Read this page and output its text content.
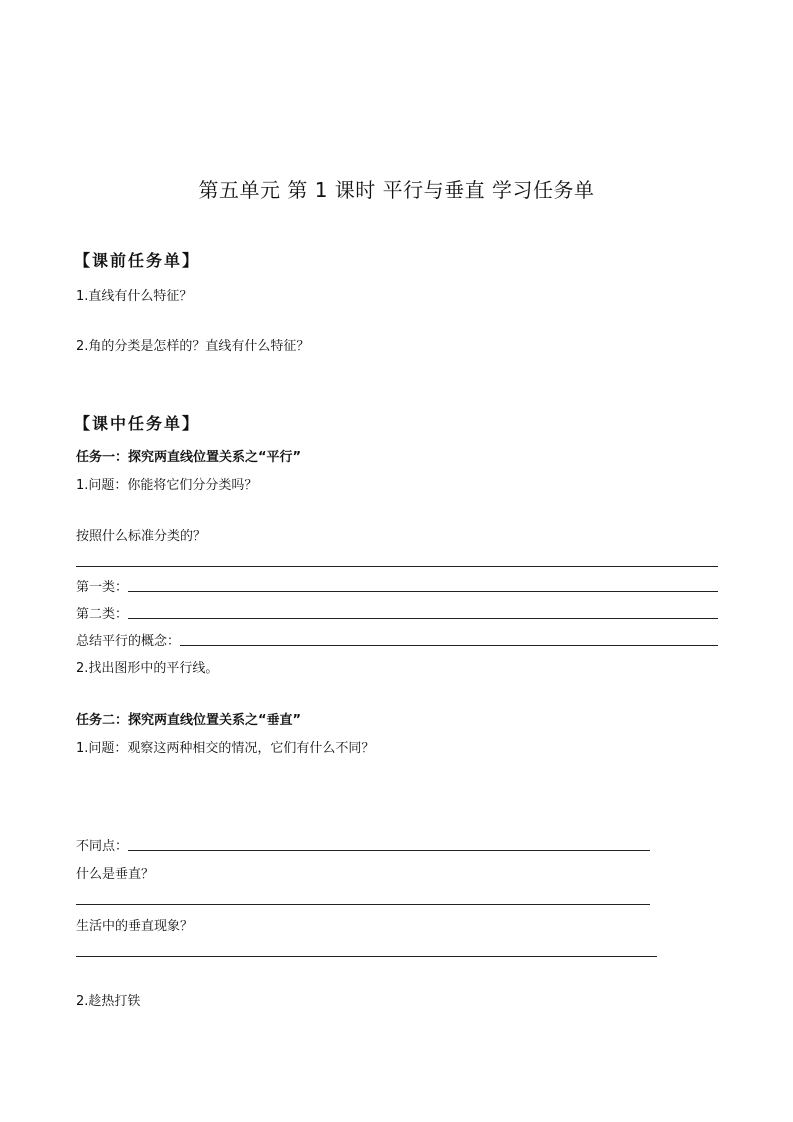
第五单元 第 1 课时 平行与垂直 学习任务单
【课前任务单】
1.直线有什么特征？
2.角的分类是怎样的？直线有什么特征？
【课中任务单】
任务一：探究两直线位置关系之“平行”
1.问题：你能将它们分分类吗？
按照什么标准分类的？
第一类：
第二类：
总结平行的概念：
2.找出图形中的平行线。
任务二：探究两直线位置关系之“垂直”
1.问题：观察这两种相交的情况，它们有什么不同？
不同点：
什么是垂直？
生活中的垂直现象？
2.趁热打铁
